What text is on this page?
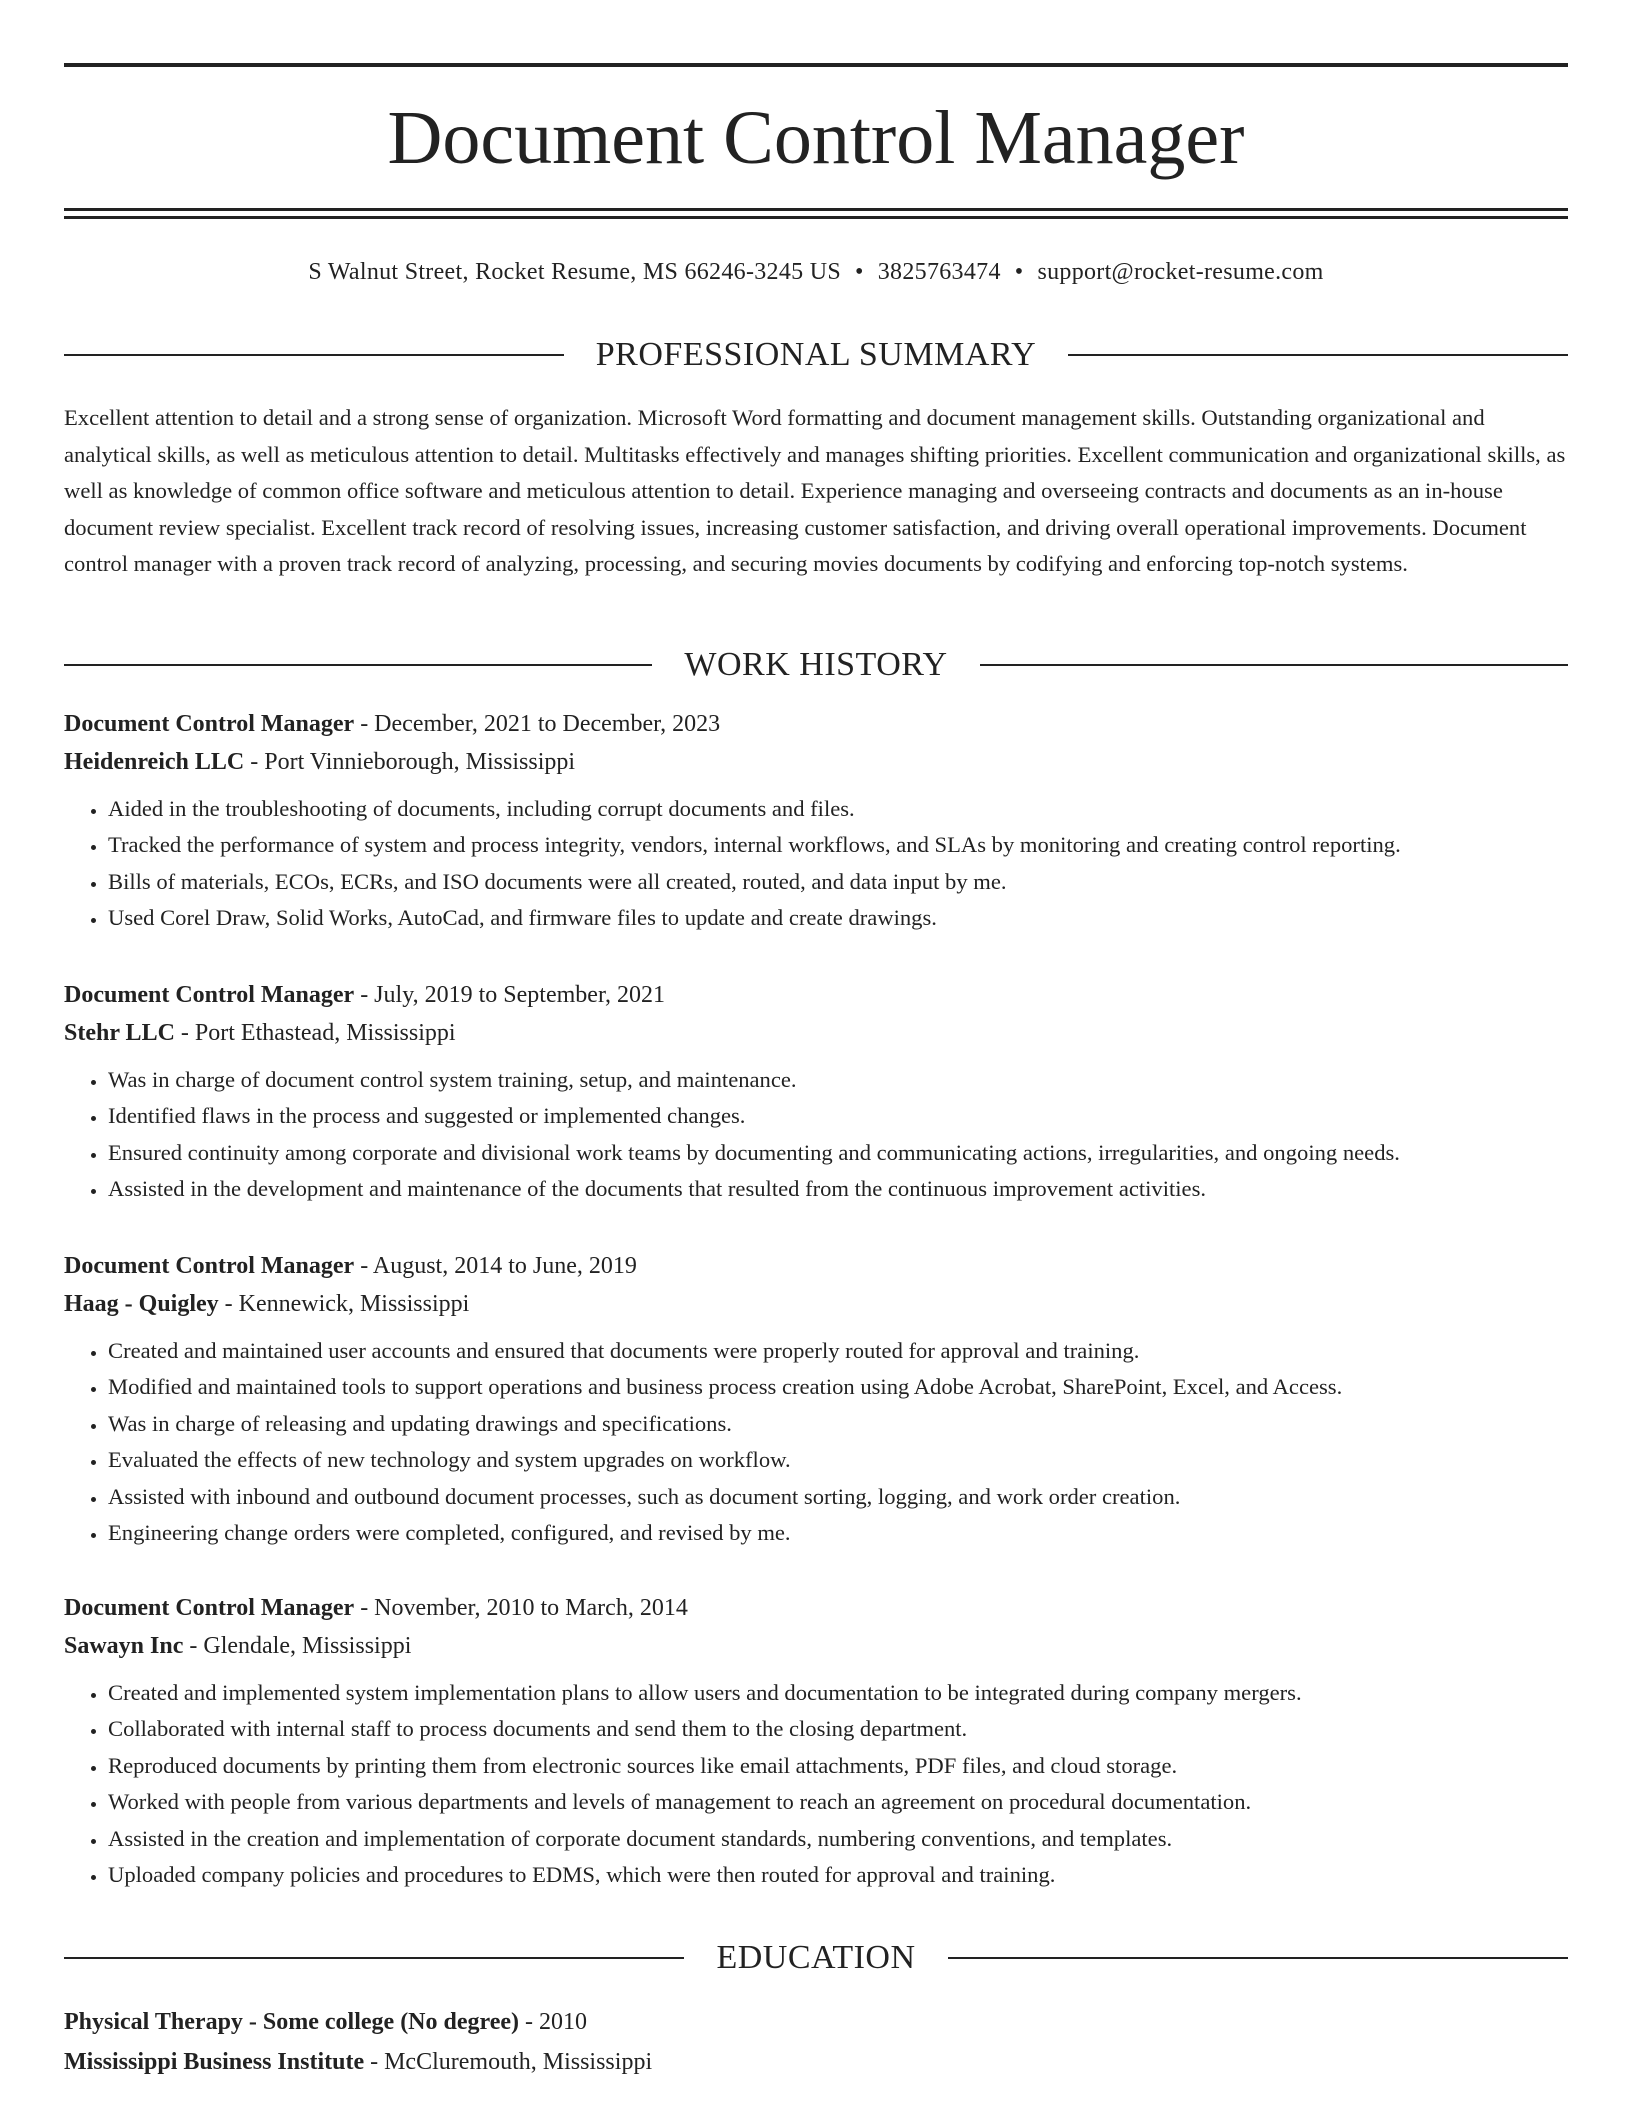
Document Control Manager
S Walnut Street, Rocket Resume, MS 66246-3245 US • 3825763474 • support@rocket-resume.com
PROFESSIONAL SUMMARY
Excellent attention to detail and a strong sense of organization. Microsoft Word formatting and document management skills. Outstanding organizational and analytical skills, as well as meticulous attention to detail. Multitasks effectively and manages shifting priorities. Excellent communication and organizational skills, as well as knowledge of common office software and meticulous attention to detail. Experience managing and overseeing contracts and documents as an in-house document review specialist. Excellent track record of resolving issues, increasing customer satisfaction, and driving overall operational improvements. Document control manager with a proven track record of analyzing, processing, and securing movies documents by codifying and enforcing top-notch systems.
WORK HISTORY
Document Control Manager - December, 2021 to December, 2023
Heidenreich LLC - Port Vinnieborough, Mississippi
• Aided in the troubleshooting of documents, including corrupt documents and files.
• Tracked the performance of system and process integrity, vendors, internal workflows, and SLAs by monitoring and creating control reporting.
• Bills of materials, ECOs, ECRs, and ISO documents were all created, routed, and data input by me.
• Used Corel Draw, Solid Works, AutoCad, and firmware files to update and create drawings.
Document Control Manager - July, 2019 to September, 2021
Stehr LLC - Port Ethastead, Mississippi
• Was in charge of document control system training, setup, and maintenance.
• Identified flaws in the process and suggested or implemented changes.
• Ensured continuity among corporate and divisional work teams by documenting and communicating actions, irregularities, and ongoing needs.
• Assisted in the development and maintenance of the documents that resulted from the continuous improvement activities.
Document Control Manager - August, 2014 to June, 2019
Haag - Quigley - Kennewick, Mississippi
• Created and maintained user accounts and ensured that documents were properly routed for approval and training.
• Modified and maintained tools to support operations and business process creation using Adobe Acrobat, SharePoint, Excel, and Access.
• Was in charge of releasing and updating drawings and specifications.
• Evaluated the effects of new technology and system upgrades on workflow.
• Assisted with inbound and outbound document processes, such as document sorting, logging, and work order creation.
• Engineering change orders were completed, configured, and revised by me.
Document Control Manager - November, 2010 to March, 2014
Sawayn Inc - Glendale, Mississippi
• Created and implemented system implementation plans to allow users and documentation to be integrated during company mergers.
• Collaborated with internal staff to process documents and send them to the closing department.
• Reproduced documents by printing them from electronic sources like email attachments, PDF files, and cloud storage.
• Worked with people from various departments and levels of management to reach an agreement on procedural documentation.
• Assisted in the creation and implementation of corporate document standards, numbering conventions, and templates.
• Uploaded company policies and procedures to EDMS, which were then routed for approval and training.
EDUCATION
Physical Therapy - Some college (No degree) - 2010
Mississippi Business Institute - McCluremouth, Mississippi
